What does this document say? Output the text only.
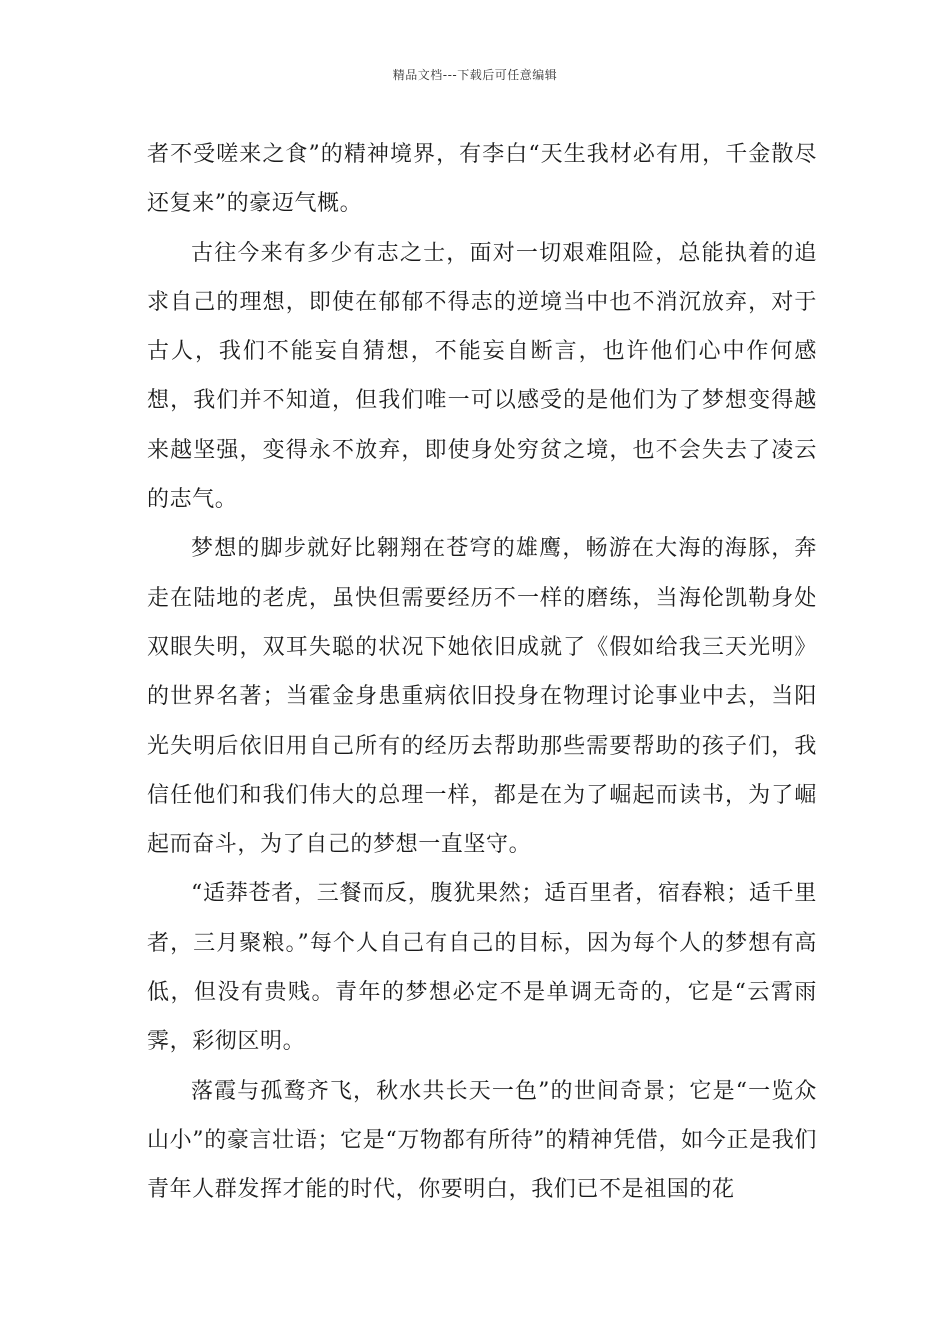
精品文档---下载后可任意编辑

者不受嗟来之食”的精神境界，有李白“天生我材必有用，千金散尽还复来”的豪迈气概。

古往今来有多少有志之士，面对一切艰难阻险，总能执着的追求自己的理想，即使在郁郁不得志的逆境当中也不消沉放弃，对于古人，我们不能妄自猜想，不能妄自断言，也许他们心中作何感想，我们并不知道，但我们唯一可以感受的是他们为了梦想变得越来越坚强，变得永不放弃，即使身处穷贫之境，也不会失去了凌云的志气。

梦想的脚步就好比翱翔在苍穹的雄鹰，畅游在大海的海豚，奔走在陆地的老虎，虽快但需要经历不一样的磨练，当海伦凯勒身处双眼失明，双耳失聪的状况下她依旧成就了《假如给我三天光明》的世界名著；当霍金身患重病依旧投身在物理讨论事业中去，当阳光失明后依旧用自己所有的经历去帮助那些需要帮助的孩子们，我信任他们和我们伟大的总理一样，都是在为了崛起而读书，为了崛起而奋斗，为了自己的梦想一直坚守。

“适莽苍者，三餐而反，腹犹果然；适百里者，宿舂粮；适千里者，三月聚粮。”每个人自己有自己的目标，因为每个人的梦想有高低，但没有贵贱。青年的梦想必定不是单调无奇的，它是“云霄雨霁，彩彻区明。

落霞与孤鹜齐飞，秋水共长天一色”的世间奇景；它是“一览众山小”的豪言壮语；它是“万物都有所待”的精神凭借，如今正是我们青年人群发挥才能的时代，你要明白，我们已不是祖国的花
